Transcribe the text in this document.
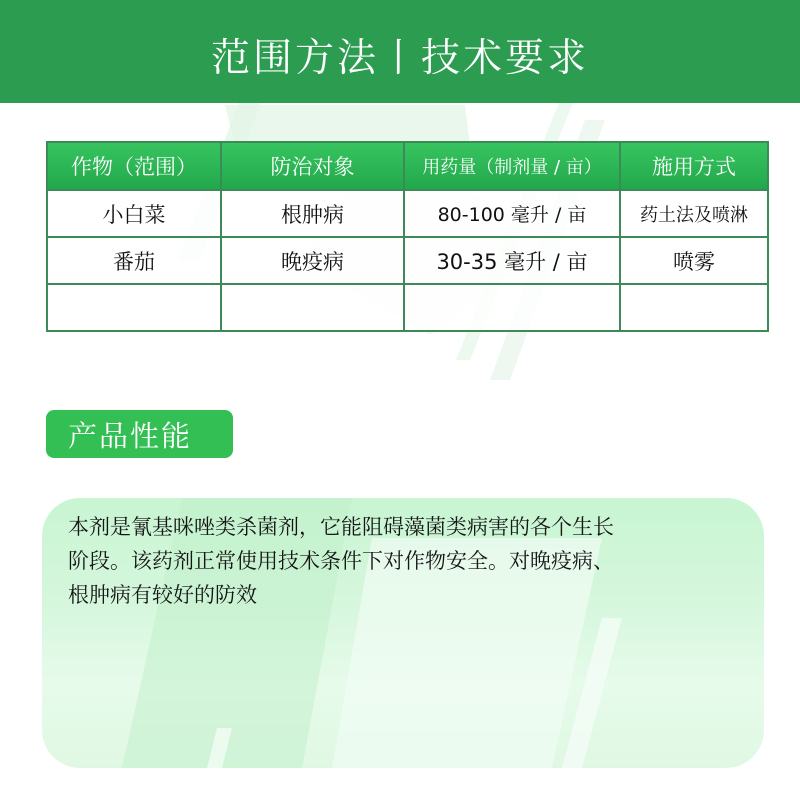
范围方法丨技术要求
作物（范围）	防治对象	用药量（制剂量 / 亩）	施用方式
小白菜	根肿病	80-100 毫升 / 亩	药土法及喷淋
番茄	晚疫病	30-35 毫升 / 亩	喷雾

产品性能

本剂是氰基咪唑类杀菌剂，它能阻碍藻菌类病害的各个生长
阶段。该药剂正常使用技术条件下对作物安全。对晚疫病、
根肿病有较好的防效
